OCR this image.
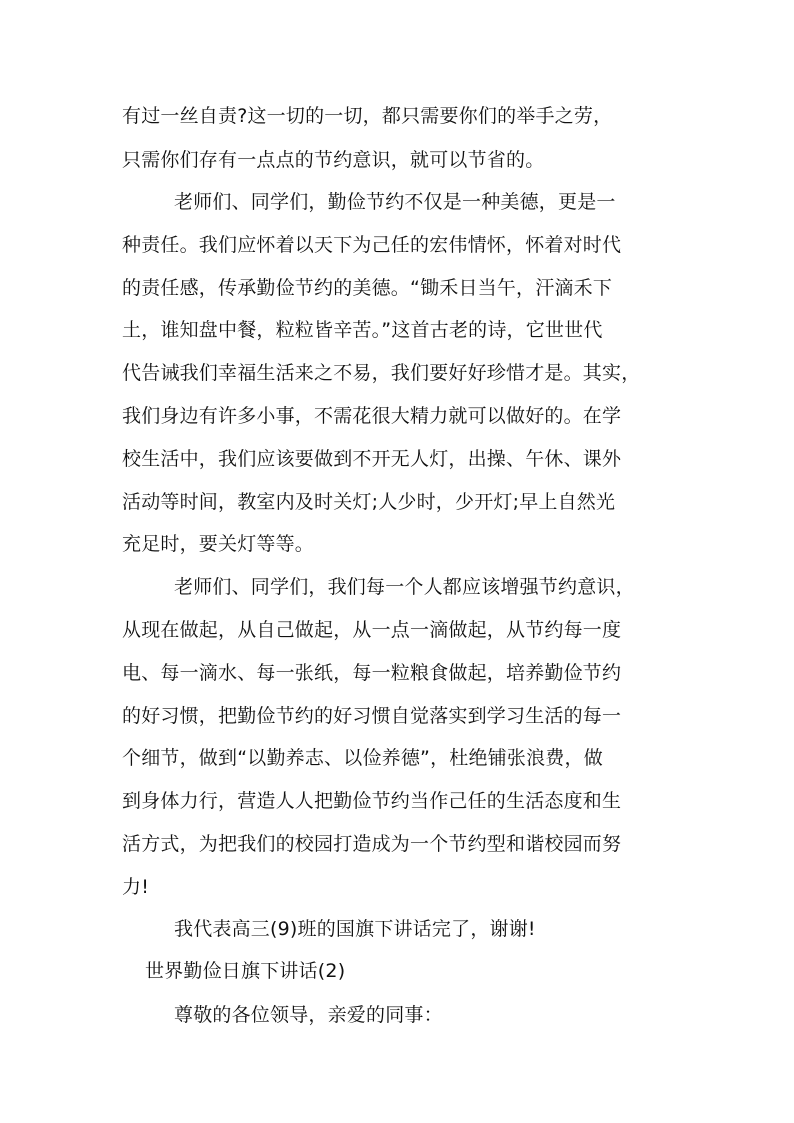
有过一丝自责?这一切的一切，都只需要你们的举手之劳，
只需你们存有一点点的节约意识，就可以节省的。
老师们、同学们，勤俭节约不仅是一种美德，更是一
种责任。我们应怀着以天下为己任的宏伟情怀，怀着对时代
的责任感，传承勤俭节约的美德。“锄禾日当午，汗滴禾下
土，谁知盘中餐，粒粒皆辛苦。”这首古老的诗，它世世代
代告诫我们幸福生活来之不易，我们要好好珍惜才是。其实，
我们身边有许多小事，不需花很大精力就可以做好的。在学
校生活中，我们应该要做到不开无人灯，出操、午休、课外
活动等时间，教室内及时关灯;人少时，少开灯;早上自然光
充足时，要关灯等等。
老师们、同学们，我们每一个人都应该增强节约意识，
从现在做起，从自己做起，从一点一滴做起，从节约每一度
电、每一滴水、每一张纸，每一粒粮食做起，培养勤俭节约
的好习惯，把勤俭节约的好习惯自觉落实到学习生活的每一
个细节，做到“以勤养志、以俭养德”，杜绝铺张浪费，做
到身体力行，营造人人把勤俭节约当作己任的生活态度和生
活方式，为把我们的校园打造成为一个节约型和谐校园而努
力!
我代表高三(9)班的国旗下讲话完了，谢谢!
世界勤俭日旗下讲话(2)
尊敬的各位领导，亲爱的同事：
